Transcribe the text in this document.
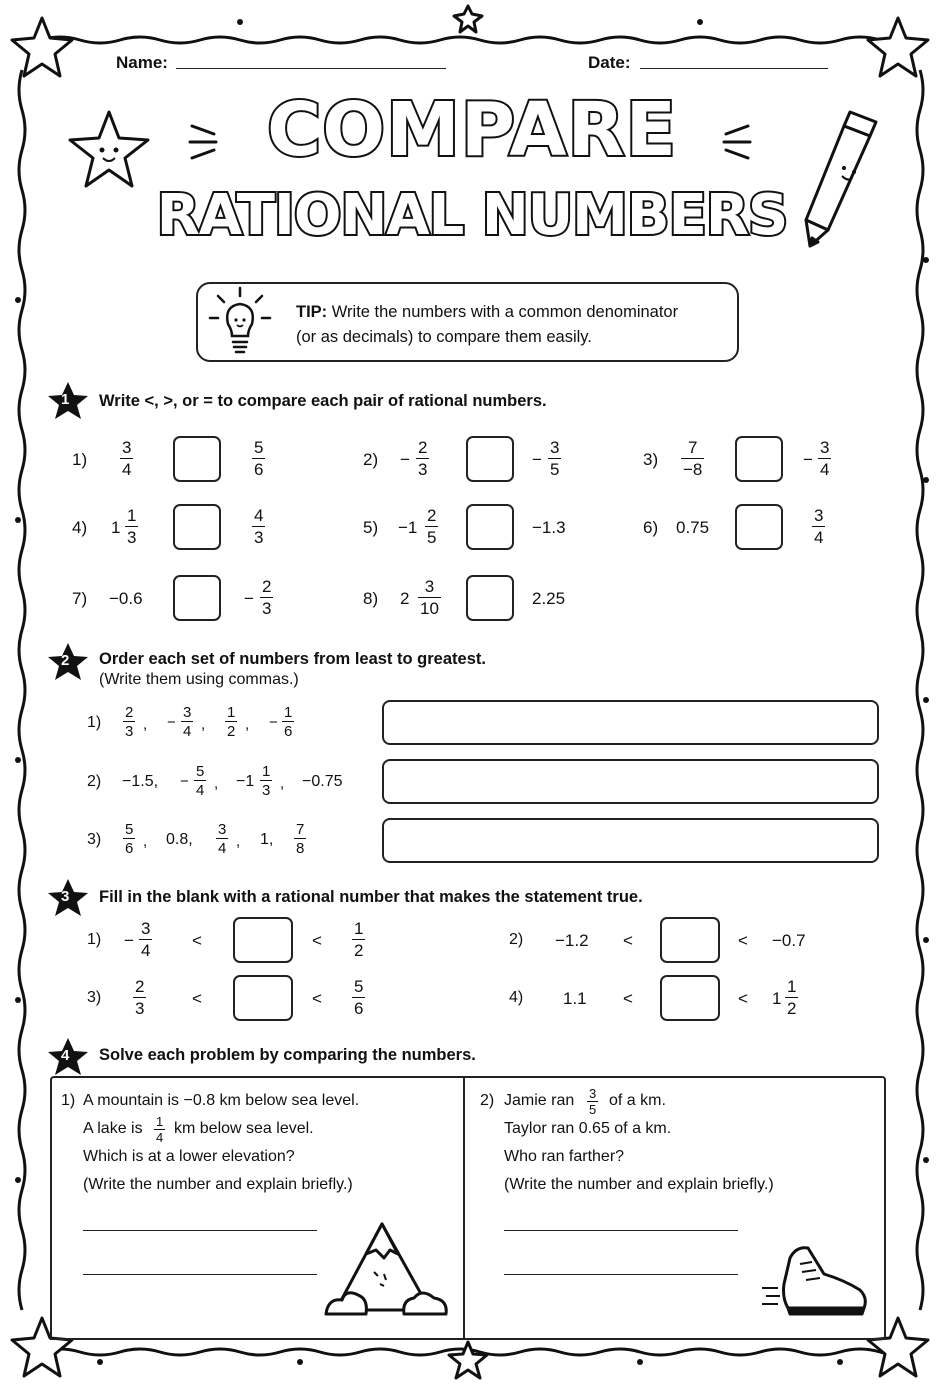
Name:	Date:
COMPARE
RATIONAL NUMBERS
TIP: Write the numbers with a common denominator
(or as decimals) to compare them easily.
1
2
3
4
Write <, >, or = to compare each pair of rational numbers.
$1) \frac{3}{4}$	$\frac{5}{6}$	$2) - \frac{2}{3}$	− $\frac{3}{5}$	$3) \frac{7}{-8}$	− $\frac{3}{4}$
4) $1 \frac{1}{3}$	$\frac{4}{3}$	$5) -1 \frac{2}{5}$	−1.3	6) 0.75	$\frac{3}{4}$
7) −0.6	− $\frac{2}{3}$	8) $2 \frac{3}{10}$	2.25
Order each set of numbers from least to greatest.
(Write them using commas.)
$1) \frac{2}{3}$ , − $\frac{3}{4}$ , $\frac{1}{2}$ , − $\frac{1}{6}$
2) −1.5, − $\frac{5}{4}$ , $-1 \frac{1}{3}$ , −0.75
$3) \frac{5}{6}$ , 0.8, $\frac{3}{4}$ , 1, $\frac{7}{8}$
Fill in the blank with a rational number that makes the statement true.
$1) - \frac{3}{4}$ <	< $\frac{1}{2}$	2) −1.2 <	< −0.7
$3) \frac{2}{3}$	<	< $\frac{5}{6}$	4) 1.1 <	< $1 \frac{1}{2}$
Solve each problem by comparing the numbers.
1) A mountain is −0.8 km below sea level.
A lake is $\frac{1}{4}$ km below sea level.
Which is at a lower elevation?
(Write the number and explain briefly.)
2) Jamie ran $\frac{3}{5}$ of a km.
Taylor ran 0.65 of a km.
Who ran farther?
(Write the number and explain briefly.)
